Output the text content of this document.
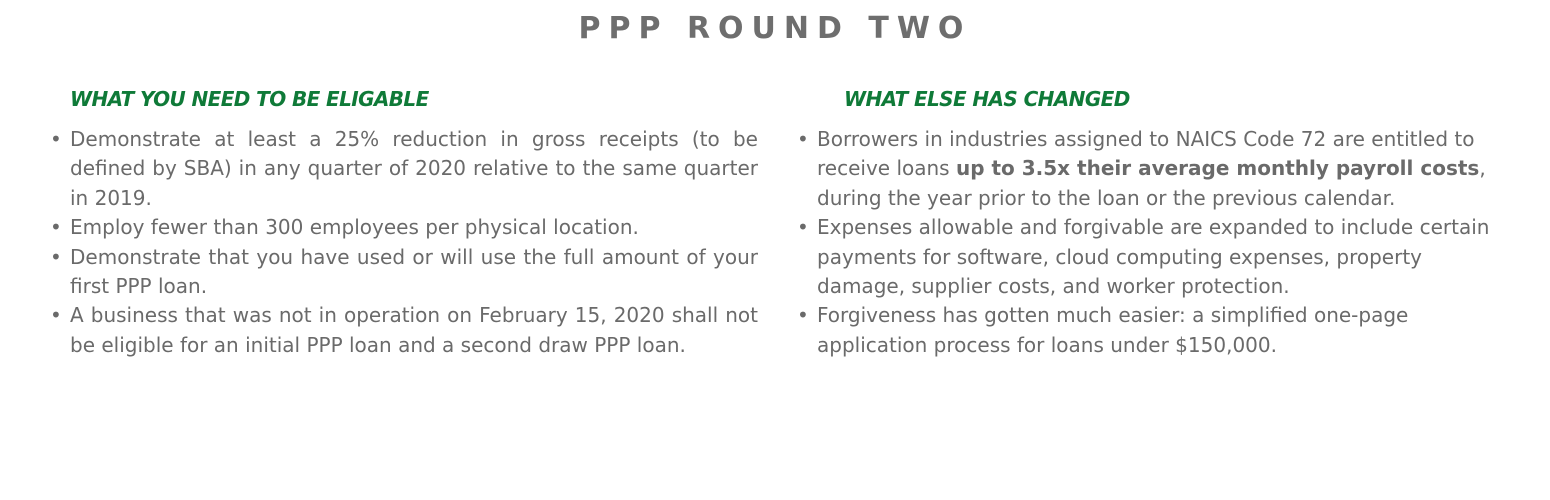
PPP ROUND TWO
WHAT YOU NEED TO BE ELIGABLE	WHAT ELSE HAS CHANGED
• Demonstrate at least a 25% reduction in gross receipts (to be defined by SBA) in any quarter of 2020 relative to the same quarter in 2019.
• Employ fewer than 300 employees per physical location.
• Demonstrate that you have used or will use the full amount of your first PPP loan.
• A business that was not in operation on February 15, 2020 shall not be eligible for an initial PPP loan and a second draw PPP loan.
• Borrowers in industries assigned to NAICS Code 72 are entitled to receive loans up to 3.5x their average monthly payroll costs, during the year prior to the loan or the previous calendar.
• Expenses allowable and forgivable are expanded to include certain payments for software, cloud computing expenses, property damage, supplier costs, and worker protection.
• Forgiveness has gotten much easier: a simplified one-page application process for loans under $150,000.
